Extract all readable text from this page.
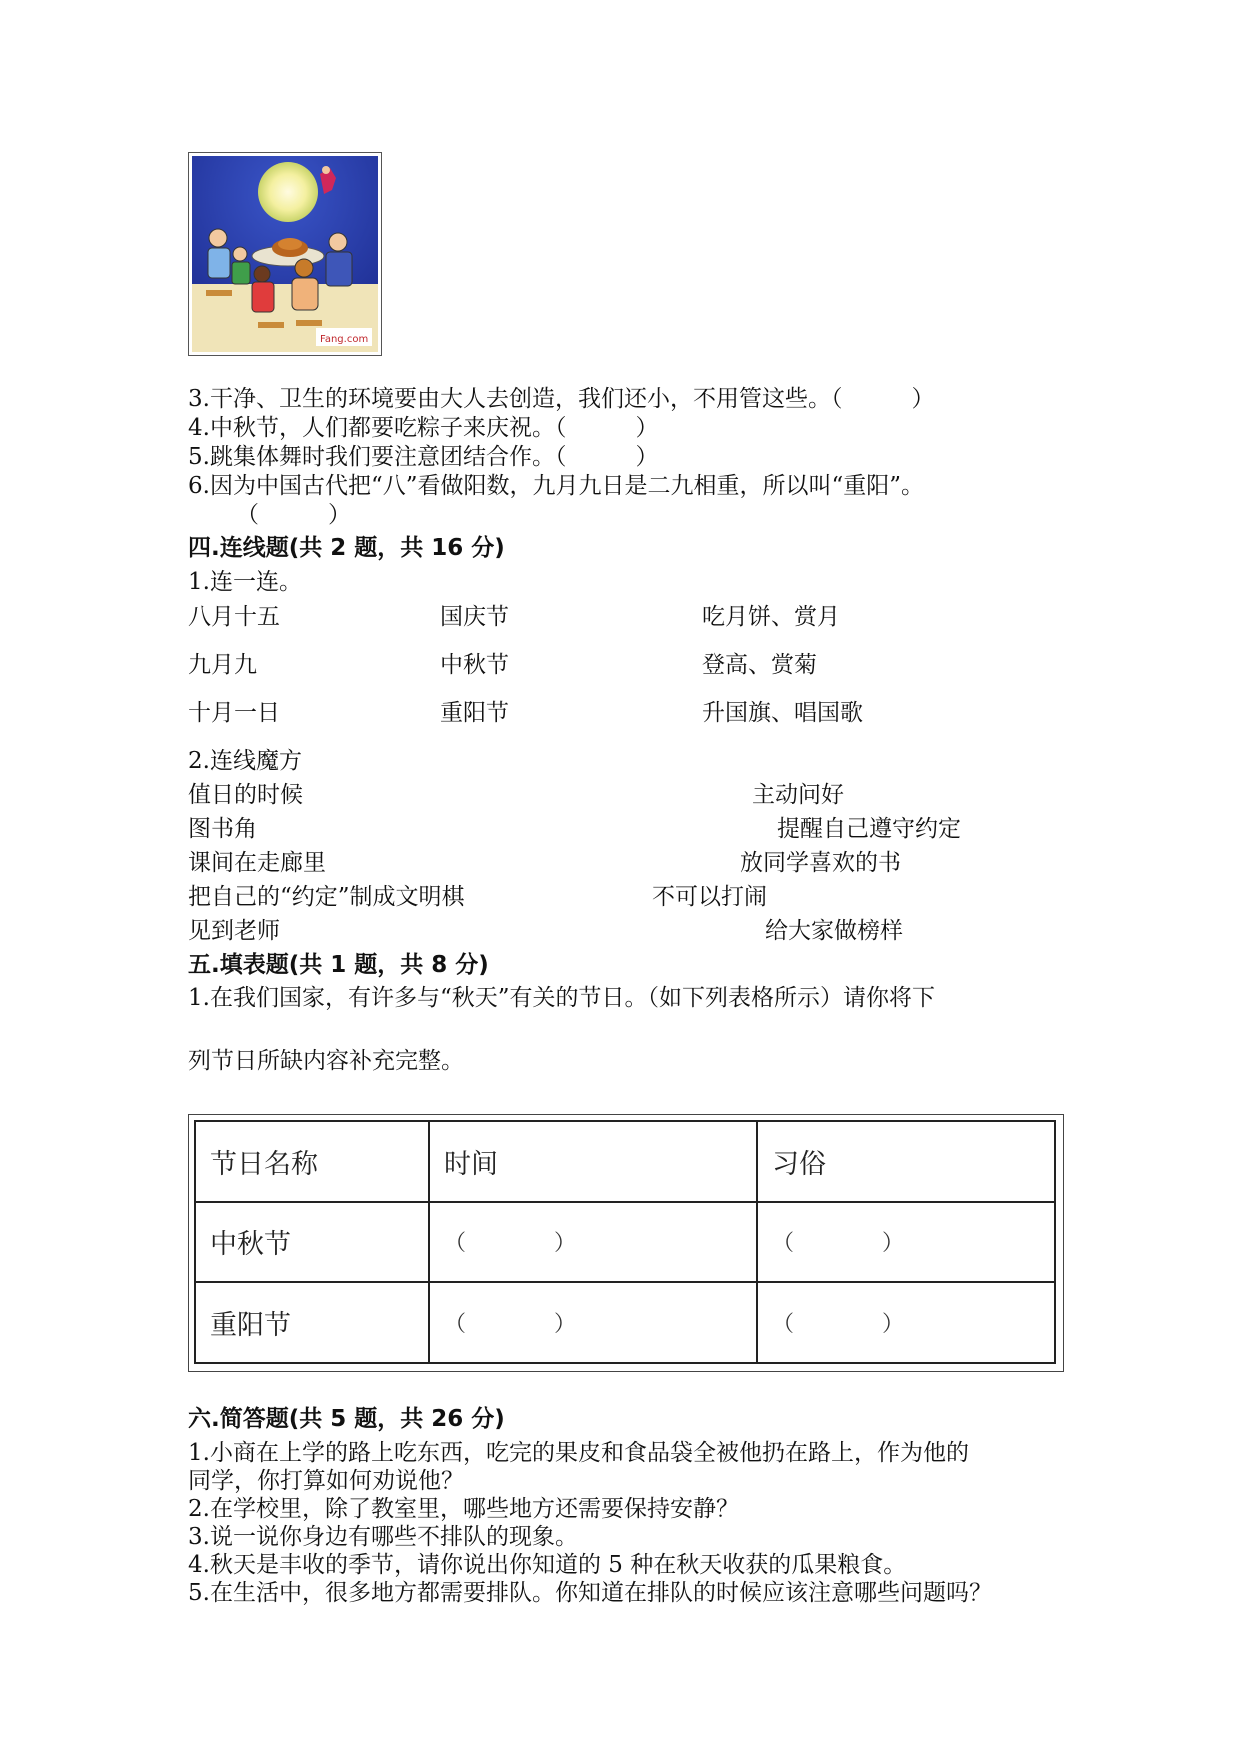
Fang.com
3.干净、卫生的环境要由大人去创造，我们还小，不用管这些。（　　　）
4.中秋节，人们都要吃粽子来庆祝。（　　　）
5.跳集体舞时我们要注意团结合作。（　　　）
6.因为中国古代把“八”看做阳数，九月九日是二九相重，所以叫“重阳”。
（　　　）
四.连线题(共 2 题，共 16 分)
1.连一连。
八月十五	国庆节	吃月饼、赏月
九月九	中秋节	登高、赏菊
十月一日	重阳节	升国旗、唱国歌
2.连线魔方
值日的时候	主动问好
图书角	提醒自己遵守约定
课间在走廊里	放同学喜欢的书
把自己的“约定”制成文明棋	不可以打闹
见到老师	给大家做榜样
五.填表题(共 1 题，共 8 分)
1.在我们国家，有许多与“秋天”有关的节日。（如下列表格所示）请你将下
列节日所缺内容补充完整。
节日名称	时间	习俗
中秋节	（　　　　）	（　　　　）
重阳节	（　　　　）	（　　　　）
六.简答题(共 5 题，共 26 分)
1.小商在上学的路上吃东西，吃完的果皮和食品袋全被他扔在路上，作为他的
同学，你打算如何劝说他？
2.在学校里，除了教室里，哪些地方还需要保持安静？
3.说一说你身边有哪些不排队的现象。
4.秋天是丰收的季节，请你说出你知道的 5 种在秋天收获的瓜果粮食。
5.在生活中，很多地方都需要排队。你知道在排队的时候应该注意哪些问题吗？
